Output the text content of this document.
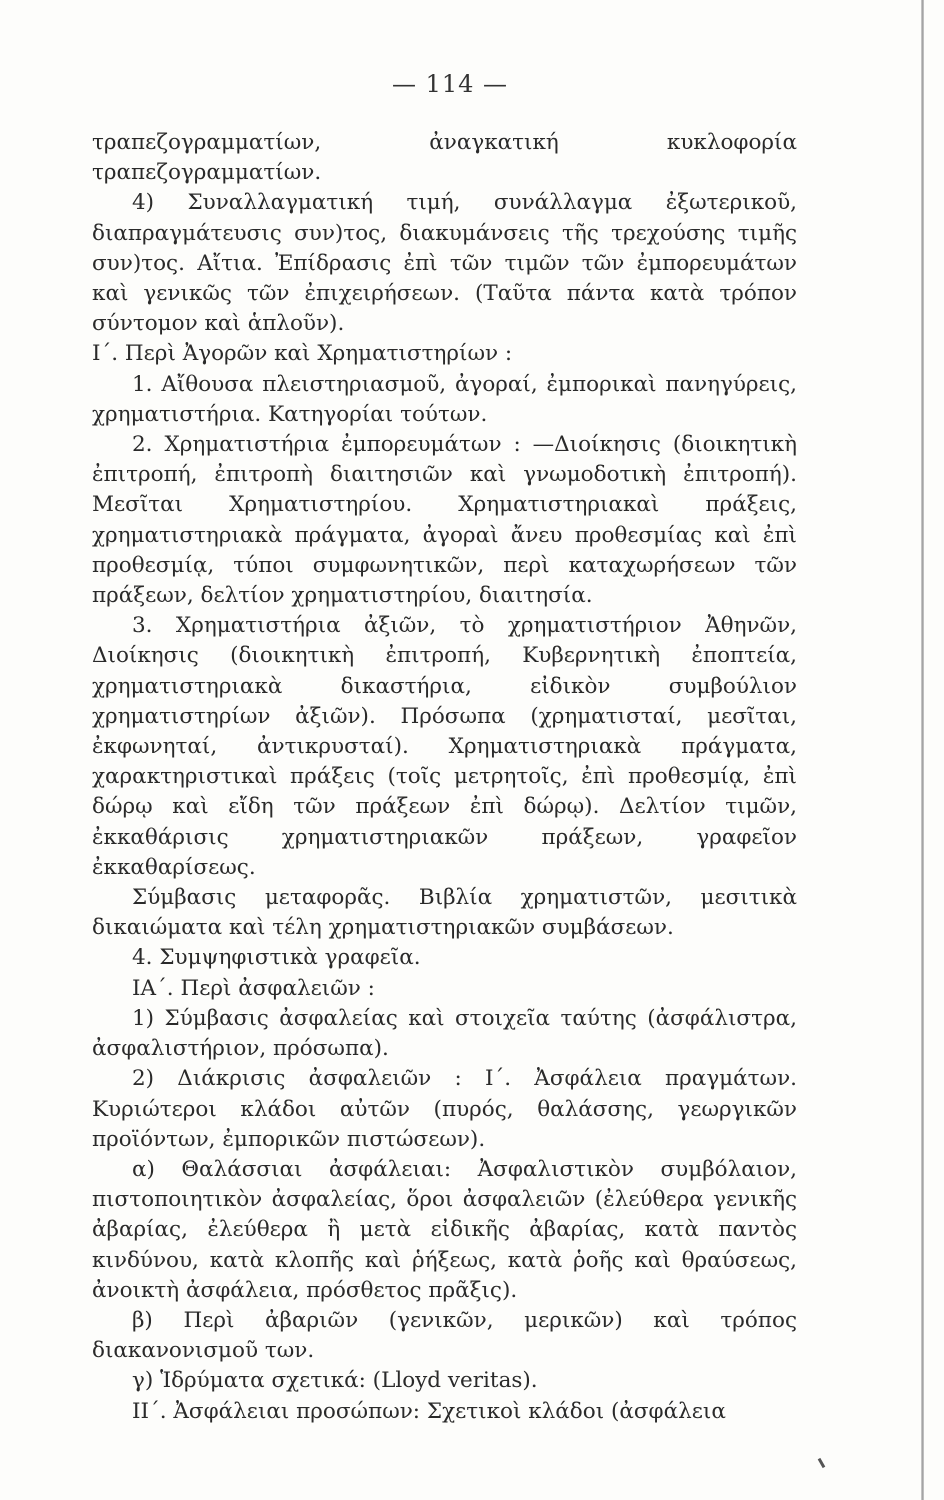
— 114 —

τραπεζογραμματίων, ἀναγκατική κυκλοφορία τραπεζογραμματίων.

4) Συναλλαγματική τιμή, συνάλλαγμα ἐξωτερικοῦ, διαπραγμάτευσις συν)τος, διακυμάνσεις τῆς τρεχούσης τιμῆς συν)τος. Αἴτια. Ἐπίδρασις ἐπὶ τῶν τιμῶν τῶν ἐμπορευμάτων καὶ γενικῶς τῶν ἐπιχειρήσεων. (Ταῦτα πάντα κατὰ τρόπον σύντομον καὶ ἁπλοῦν).

Ι΄. Περὶ Ἀγορῶν καὶ Χρηματιστηρίων :

1. Αἴθουσα πλειστηριασμοῦ, ἀγοραί, ἐμπορικαὶ πανηγύρεις, χρηματιστήρια. Κατηγορίαι τούτων.

2. Χρηματιστήρια ἐμπορευμάτων : —Διοίκησις (διοικητικὴ ἐπιτροπή, ἐπιτροπὴ διαιτησιῶν καὶ γνωμοδοτικὴ ἐπιτροπή). Μεσῖται Χρηματιστηρίου. Χρηματιστηριακαὶ πράξεις, χρηματιστηριακὰ πράγματα, ἀγοραὶ ἄνευ προθεσμίας καὶ ἐπὶ προθεσμίᾳ, τύποι συμφωνητικῶν, περὶ καταχωρήσεων τῶν πράξεων, δελτίον χρηματιστηρίου, διαιτησία.

3. Χρηματιστήρια ἀξιῶν, τὸ χρηματιστήριον Ἀθηνῶν, Διοίκησις (διοικητικὴ ἐπιτροπή, Κυβερνητικὴ ἐποπτεία, χρηματιστηριακὰ δικαστήρια, εἰδικὸν συμβούλιον χρηματιστηρίων ἀξιῶν). Πρόσωπα (χρηματισταί, μεσῖται, ἐκφωνηταί, ἀντικρυσταί). Χρηματιστηριακὰ πράγματα, χαρακτηριστικαὶ πράξεις (τοῖς μετρητοῖς, ἐπὶ προθεσμίᾳ, ἐπὶ δώρῳ καὶ εἴδη τῶν πράξεων ἐπὶ δώρῳ). Δελτίον τιμῶν, ἐκκαθάρισις χρηματιστηριακῶν πράξεων, γραφεῖον ἐκκαθαρίσεως.

Σύμβασις μεταφορᾶς. Βιβλία χρηματιστῶν, μεσιτικὰ δικαιώματα καὶ τέλη χρηματιστηριακῶν συμβάσεων.

4. Συμψηφιστικὰ γραφεῖα.

ΙΑ΄. Περὶ ἀσφαλειῶν :

1) Σύμβασις ἀσφαλείας καὶ στοιχεῖα ταύτης (ἀσφάλιστρα, ἀσφαλιστήριον, πρόσωπα).

2) Διάκρισις ἀσφαλειῶν : Ι΄. Ἀσφάλεια πραγμάτων. Κυριώτεροι κλάδοι αὐτῶν (πυρός, θαλάσσης, γεωργικῶν προϊόντων, ἐμπορικῶν πιστώσεων).

α) Θαλάσσιαι ἀσφάλειαι: Ἀσφαλιστικὸν συμβόλαιον, πιστοποιητικὸν ἀσφαλείας, ὅροι ἀσφαλειῶν (ἐλεύθερα γενικῆς ἀβαρίας, ἐλεύθερα ἢ μετὰ εἰδικῆς ἀβαρίας, κατὰ παντὸς κινδύνου, κατὰ κλοπῆς καὶ ῥήξεως, κατὰ ῥοῆς καὶ θραύσεως, ἀνοικτὴ ἀσφάλεια, πρόσθετος πρᾶξις).

β) Περὶ ἀβαριῶν (γενικῶν, μερικῶν) καὶ τρόπος διακανονισμοῦ των.

γ) Ἱδρύματα σχετικά: (Lloyd veritas).

ΙΙ΄. Ἀσφάλειαι προσώπων: Σχετικοὶ κλάδοι (ἀσφάλεια
